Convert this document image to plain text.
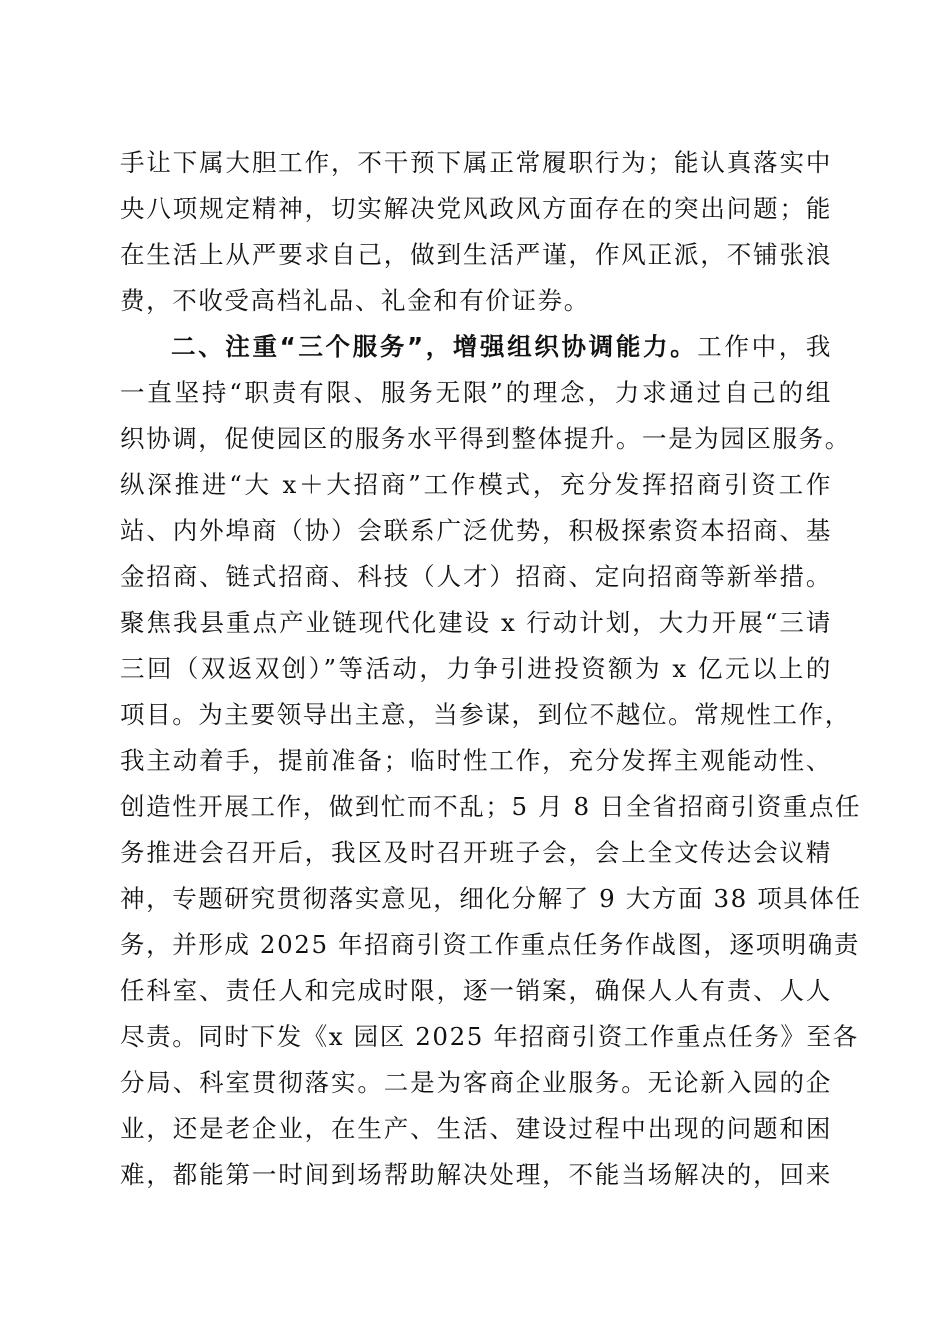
手让下属大胆工作，不干预下属正常履职行为；能认真落实中
央八项规定精神，切实解决党风政风方面存在的突出问题；能
在生活上从严要求自己，做到生活严谨，作风正派，不铺张浪
费，不收受高档礼品、礼金和有价证券。
二、注重“三个服务”，增强组织协调能力。工作中，我
一直坚持“职责有限、服务无限”的理念，力求通过自己的组
织协调，促使园区的服务水平得到整体提升。一是为园区服务。
纵深推进“大 x＋大招商”工作模式，充分发挥招商引资工作
站、内外埠商（协）会联系广泛优势，积极探索资本招商、基
金招商、链式招商、科技（人才）招商、定向招商等新举措。
聚焦我县重点产业链现代化建设 x 行动计划，大力开展“三请
三回（双返双创）”等活动，力争引进投资额为 x 亿元以上的
项目。为主要领导出主意，当参谋，到位不越位。常规性工作，
我主动着手，提前准备；临时性工作，充分发挥主观能动性、
创造性开展工作，做到忙而不乱；5 月 8 日全省招商引资重点任
务推进会召开后，我区及时召开班子会，会上全文传达会议精
神，专题研究贯彻落实意见，细化分解了 9 大方面 38 项具体任
务，并形成 2025 年招商引资工作重点任务作战图，逐项明确责
任科室、责任人和完成时限，逐一销案，确保人人有责、人人
尽责。同时下发《x 园区 2025 年招商引资工作重点任务》至各
分局、科室贯彻落实。二是为客商企业服务。无论新入园的企
业，还是老企业，在生产、生活、建设过程中出现的问题和困
难，都能第一时间到场帮助解决处理，不能当场解决的，回来
